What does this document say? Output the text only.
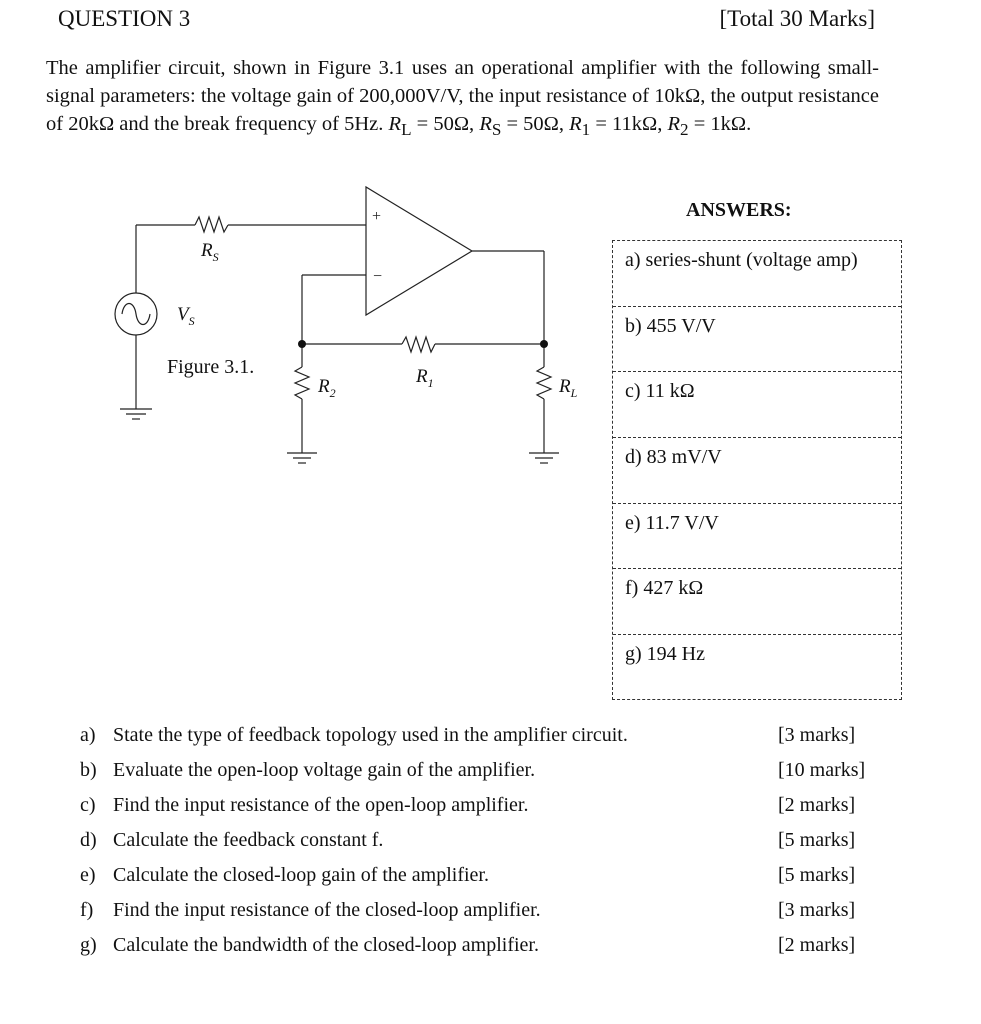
QUESTION 3	[Total 30 Marks]
The amplifier circuit, shown in Figure 3.1 uses an operational amplifier with the following small-signal parameters: the voltage gain of 200,000V/V, the input resistance of 10kΩ, the output resistance of 20kΩ and the break frequency of 5Hz. $R_L = 50\Omega$, $R_S = 50\Omega$, $R_1 = 11k\Omega$, $R_2 = 1k\Omega$.
+
−
$R_S$
$V_S$
$R_1$
$R_2$	$R_L$
Figure 3.1.
ANSWERS:
a) series-shunt (voltage amp)
b) 455 V/V
c) 11 kΩ
d) 83 mV/V
e) 11.7 V/V
f) 427 kΩ
g) 194 Hz
a) State the type of feedback topology used in the amplifier circuit.	[3 marks]
b) Evaluate the open-loop voltage gain of the amplifier.	[10 marks]
c) Find the input resistance of the open-loop amplifier.	[2 marks]
d) Calculate the feedback constant f.	[5 marks]
e) Calculate the closed-loop gain of the amplifier.	[5 marks]
f) Find the input resistance of the closed-loop amplifier.	[3 marks]
g) Calculate the bandwidth of the closed-loop amplifier.	[2 marks]
